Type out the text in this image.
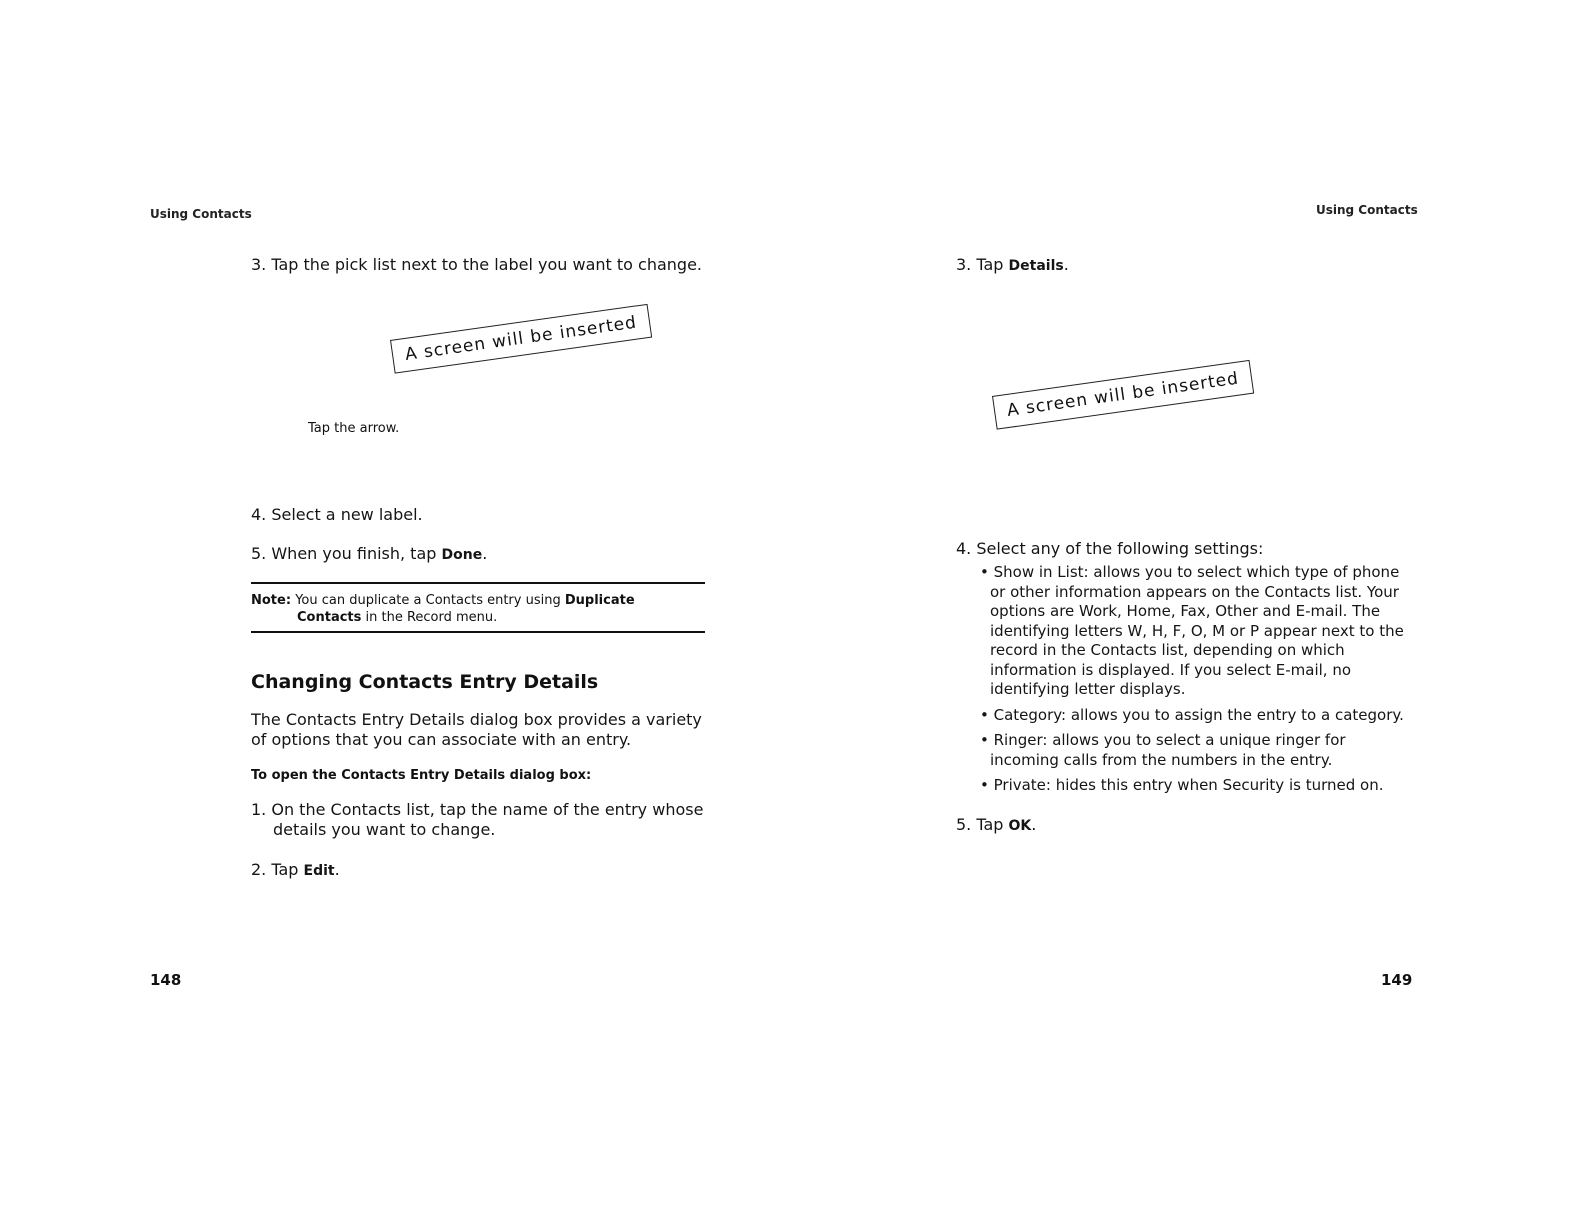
Using Contacts
3. Tap the pick list next to the label you want to change.
A screen will be inserted
Tap the arrow.
4. Select a new label.
5. When you finish, tap Done.
Note: You can duplicate a Contacts entry using Duplicate
Contacts in the Record menu.
Changing Contacts Entry Details
The Contacts Entry Details dialog box provides a variety
of options that you can associate with an entry.
To open the Contacts Entry Details dialog box:
1. On the Contacts list, tap the name of the entry whose
details you want to change.
2. Tap Edit.
148
Using Contacts
3. Tap Details.
A screen will be inserted
4. Select any of the following settings:
• Show in List: allows you to select which type of phone
or other information appears on the Contacts list. Your
options are Work, Home, Fax, Other and E-mail. The
identifying letters W, H, F, O, M or P appear next to the
record in the Contacts list, depending on which
information is displayed. If you select E-mail, no
identifying letter displays.
• Category: allows you to assign the entry to a category.
• Ringer: allows you to select a unique ringer for
incoming calls from the numbers in the entry.
• Private: hides this entry when Security is turned on.
5. Tap OK.
149
